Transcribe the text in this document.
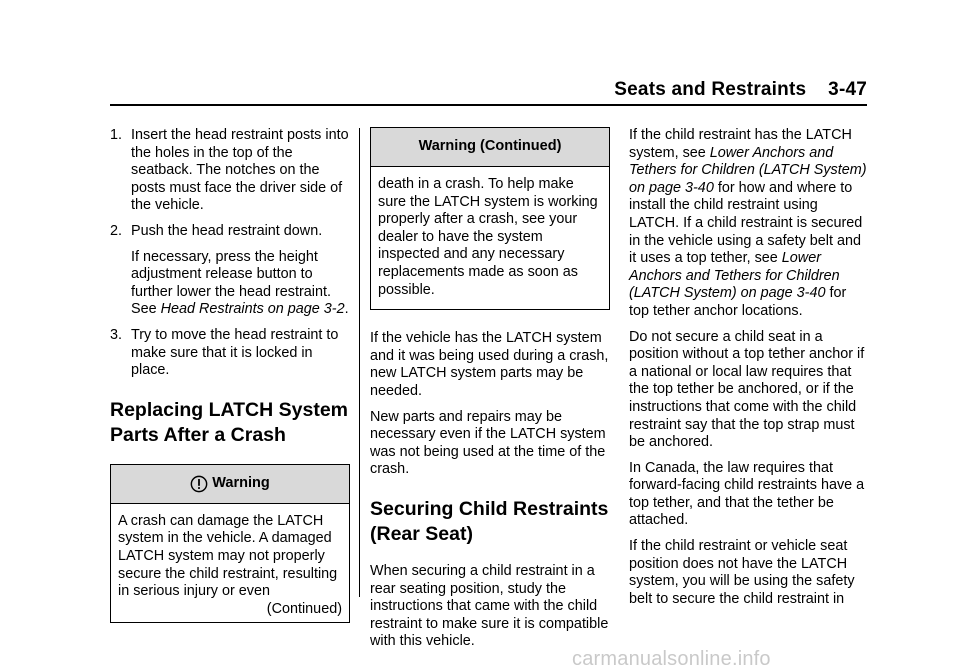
Seats and Restraints    3-47
1. Insert the head restraint posts into the holes in the top of the seatback. The notches on the posts must face the driver side of the vehicle.
2. Push the head restraint down.

If necessary, press the height adjustment release button to further lower the head restraint. See Head Restraints on page 3-2.

3. Try to move the head restraint to make sure that it is locked in place.
Replacing LATCH System Parts After a Crash
Warning

A crash can damage the LATCH system in the vehicle. A damaged LATCH system may not properly secure the child restraint, resulting in serious injury or even

(Continued)

Warning (Continued)

death in a crash. To help make sure the LATCH system is working properly after a crash, see your dealer to have the system inspected and any necessary replacements made as soon as possible.

If the vehicle has the LATCH system and it was being used during a crash, new LATCH system parts may be needed.

New parts and repairs may be necessary even if the LATCH system was not being used at the time of the crash.

Securing Child Restraints (Rear Seat)

When securing a child restraint in a rear seating position, study the instructions that came with the child restraint to make sure it is compatible with this vehicle.

If the child restraint has the LATCH system, see Lower Anchors and Tethers for Children (LATCH System) on page 3-40 for how and where to install the child restraint using LATCH. If a child restraint is secured in the vehicle using a safety belt and it uses a top tether, see Lower Anchors and Tethers for Children (LATCH System) on page 3-40 for top tether anchor locations.

Do not secure a child seat in a position without a top tether anchor if a national or local law requires that the top tether be anchored, or if the instructions that come with the child restraint say that the top strap must be anchored.

In Canada, the law requires that forward-facing child restraints have a top tether, and that the tether be attached.

If the child restraint or vehicle seat position does not have the LATCH system, you will be using the safety belt to secure the child restraint in

carmanualsonline.info
